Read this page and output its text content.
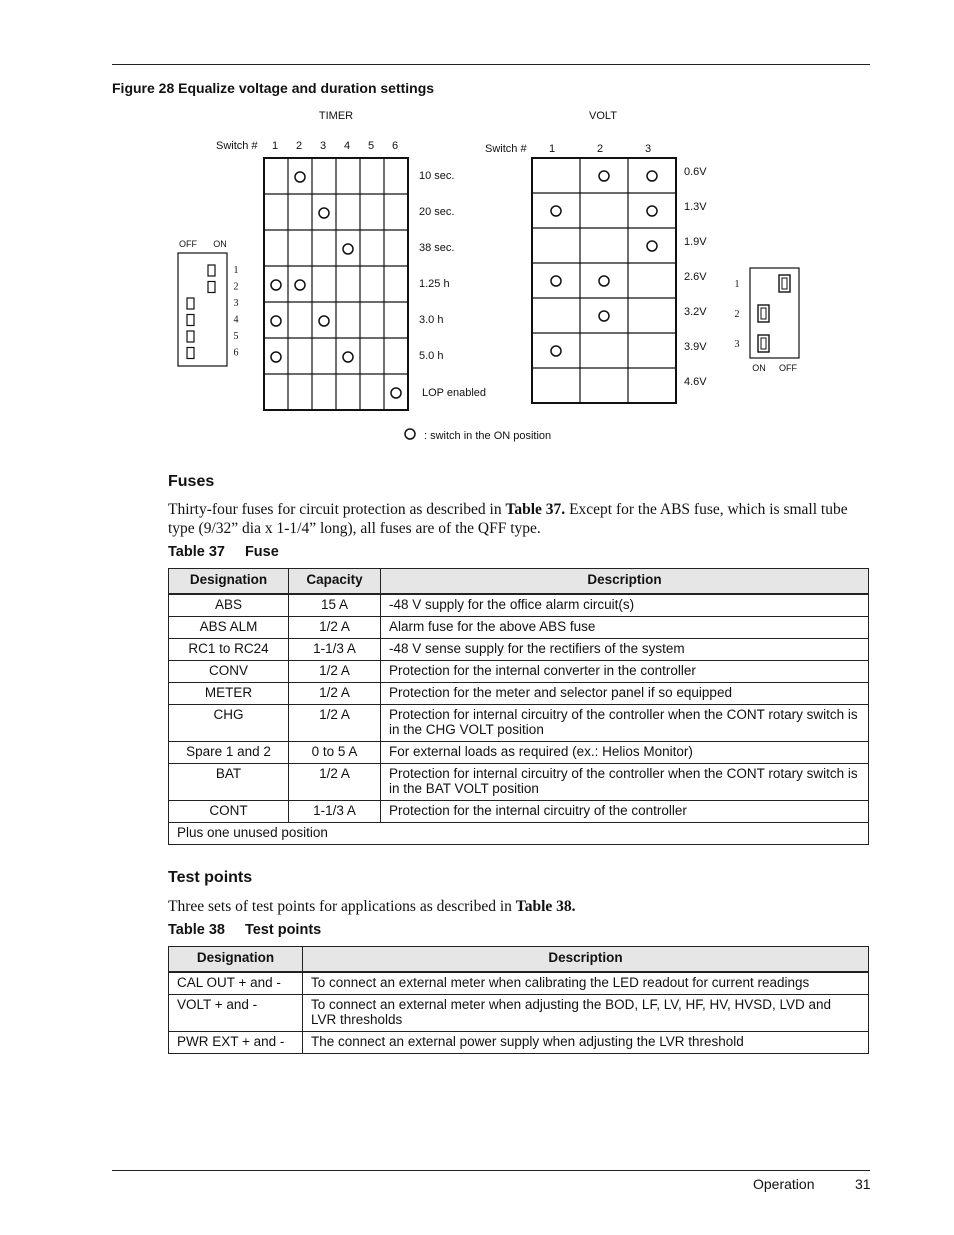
Figure 28 Equalize voltage and duration settings
TIMER
Switch # 1 2 3 4 5 6
10 sec.
20 sec.
38 sec.
1.25 h
3.0 h
5.0 h
LOP enabled
VOLT
Switch # 1	2	3
0.6V
1.3V
1.9V
2.6V
3.2V
3.9V
4.6V
OFF ON
1
2
3
4
5
6
1
2
3
ON OFF
: switch in the ON position
Fuses
Thirty-four fuses for circuit protection as described in Table 37. Except for the ABS fuse, which is small tube type (9/32” dia x 1-1/4” long), all fuses are of the QFF type.
Table 37 Fuse
Designation	Capacity	Description
ABS	15 A	-48 V supply for the office alarm circuit(s)
ABS ALM	1/2 A	Alarm fuse for the above ABS fuse
RC1 to RC24	1-1/3 A	-48 V sense supply for the rectifiers of the system
CONV	1/2 A	Protection for the internal converter in the controller
METER	1/2 A	Protection for the meter and selector panel if so equipped
CHG	1/2 A	Protection for internal circuitry of the controller when the CONT rotary switch is in the CHG VOLT position
Spare 1 and 2	0 to 5 A	For external loads as required (ex.: Helios Monitor)
BAT	1/2 A	Protection for internal circuitry of the controller when the CONT rotary switch is in the BAT VOLT position
CONT	1-1/3 A	Protection for the internal circuitry of the controller
Plus one unused position		
Test points
Three sets of test points for applications as described in Table 38.
Table 38 Test points
Designation	Description
CAL OUT + and -	To connect an external meter when calibrating the LED readout for current readings
VOLT + and -	To connect an external meter when adjusting the BOD, LF, LV, HF, HV, HVSD, LVD and LVR thresholds
PWR EXT + and -	The connect an external power supply when adjusting the LVR threshold
Operation	31
